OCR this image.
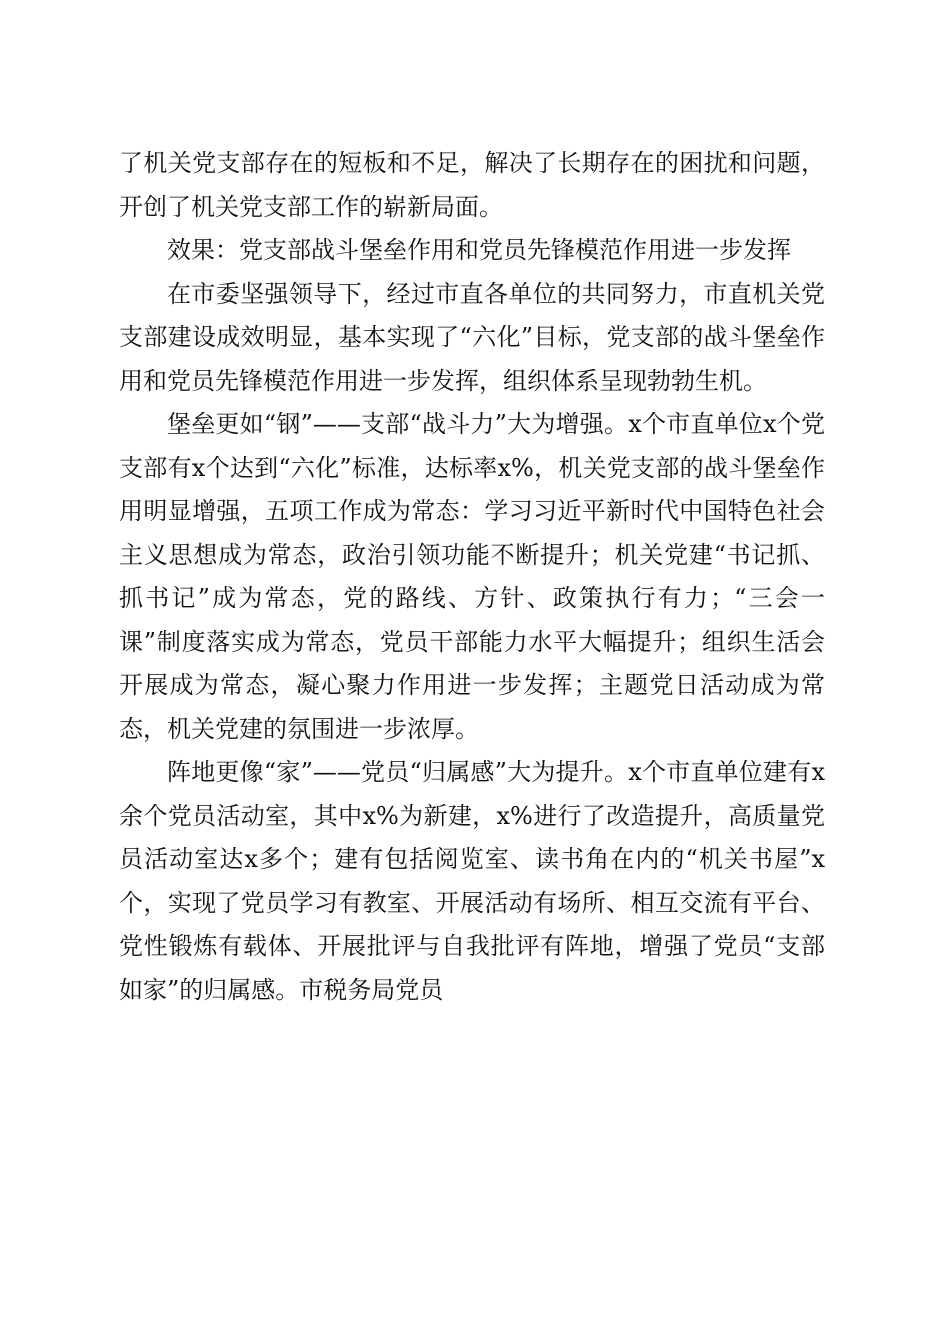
了机关党支部存在的短板和不足，解决了长期存在的困扰和问题，开创了机关党支部工作的崭新局面。

效果：党支部战斗堡垒作用和党员先锋模范作用进一步发挥

在市委坚强领导下，经过市直各单位的共同努力，市直机关党支部建设成效明显，基本实现了“六化”目标，党支部的战斗堡垒作用和党员先锋模范作用进一步发挥，组织体系呈现勃勃生机。

堡垒更如“钢”——支部“战斗力”大为增强。x个市直单位x个党支部有x个达到“六化”标准，达标率x%，机关党支部的战斗堡垒作用明显增强，五项工作成为常态：学习习近平新时代中国特色社会主义思想成为常态，政治引领功能不断提升；机关党建“书记抓、抓书记”成为常态，党的路线、方针、政策执行有力；“三会一课”制度落实成为常态，党员干部能力水平大幅提升；组织生活会开展成为常态，凝心聚力作用进一步发挥；主题党日活动成为常态，机关党建的氛围进一步浓厚。

阵地更像“家”——党员“归属感”大为提升。x个市直单位建有x余个党员活动室，其中x%为新建，x%进行了改造提升，高质量党员活动室达x多个；建有包括阅览室、读书角在内的“机关书屋”x个，实现了党员学习有教室、开展活动有场所、相互交流有平台、党性锻炼有载体、开展批评与自我批评有阵地，增强了党员“支部如家”的归属感。市税务局党员
